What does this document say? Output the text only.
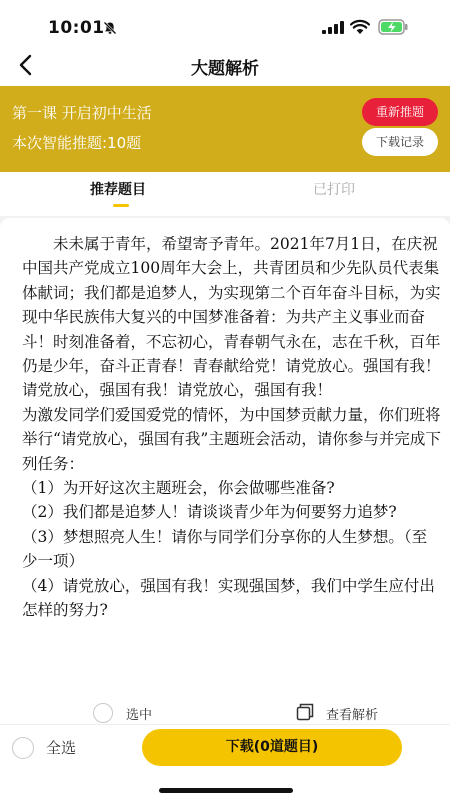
10:01
大题解析
第一课 开启初中生活
本次智能推题:10题
重新推题
下载记录
推荐题目	已打印

未未属于青年，希望寄予青年。2021年7月1日，在庆祝中国共产党成立100周年大会上，共青团员和少先队员代表集体献词；我们都是追梦人，为实现第二个百年奋斗目标，为实现中华民族伟大复兴的中国梦准备着：为共产主义事业而奋斗！时刻准备着，不忘初心，青春朝气永在，志在千秋，百年仍是少年，奋斗正青春！青春献给党！请党放心。强国有我！请党放心，强国有我！请党放心，强国有我！

为激发同学们爱国爱党的情怀，为中国梦贡献力量，你们班将举行“请党放心，强国有我”主题班会活动，请你参与并完成下列任务：

（1）为开好这次主题班会，你会做哪些准备?

（2）我们都是追梦人！请谈谈青少年为何要努力追梦?

（3）梦想照亮人生！请你与同学们分享你的人生梦想。（至少一项）

（4）请党放心，强国有我！实现强国梦，我们中学生应付出怎样的努力?

选中	查看解析
全选	下载(0道题目)
